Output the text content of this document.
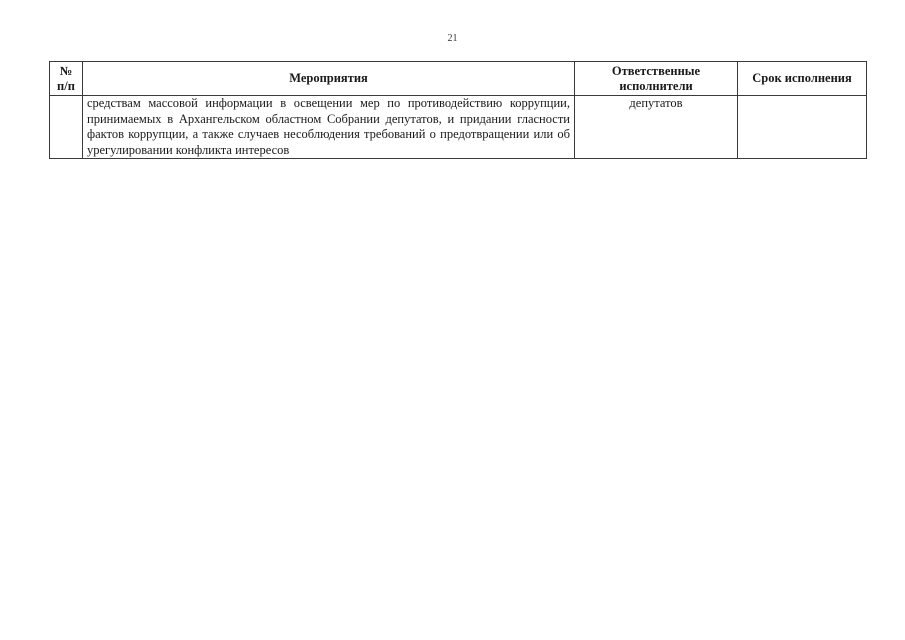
21
№ п/п	Мероприятия	Ответственные исполнители	Срок исполнения
	средствам массовой информации в освещении мер по противодействию коррупции, принимаемых в Архангельском областном Собрании депутатов, и придании гласности фактов коррупции, а также случаев несоблюдения требований о предотвращении или об урегулировании конфликта интересов	депутатов	
